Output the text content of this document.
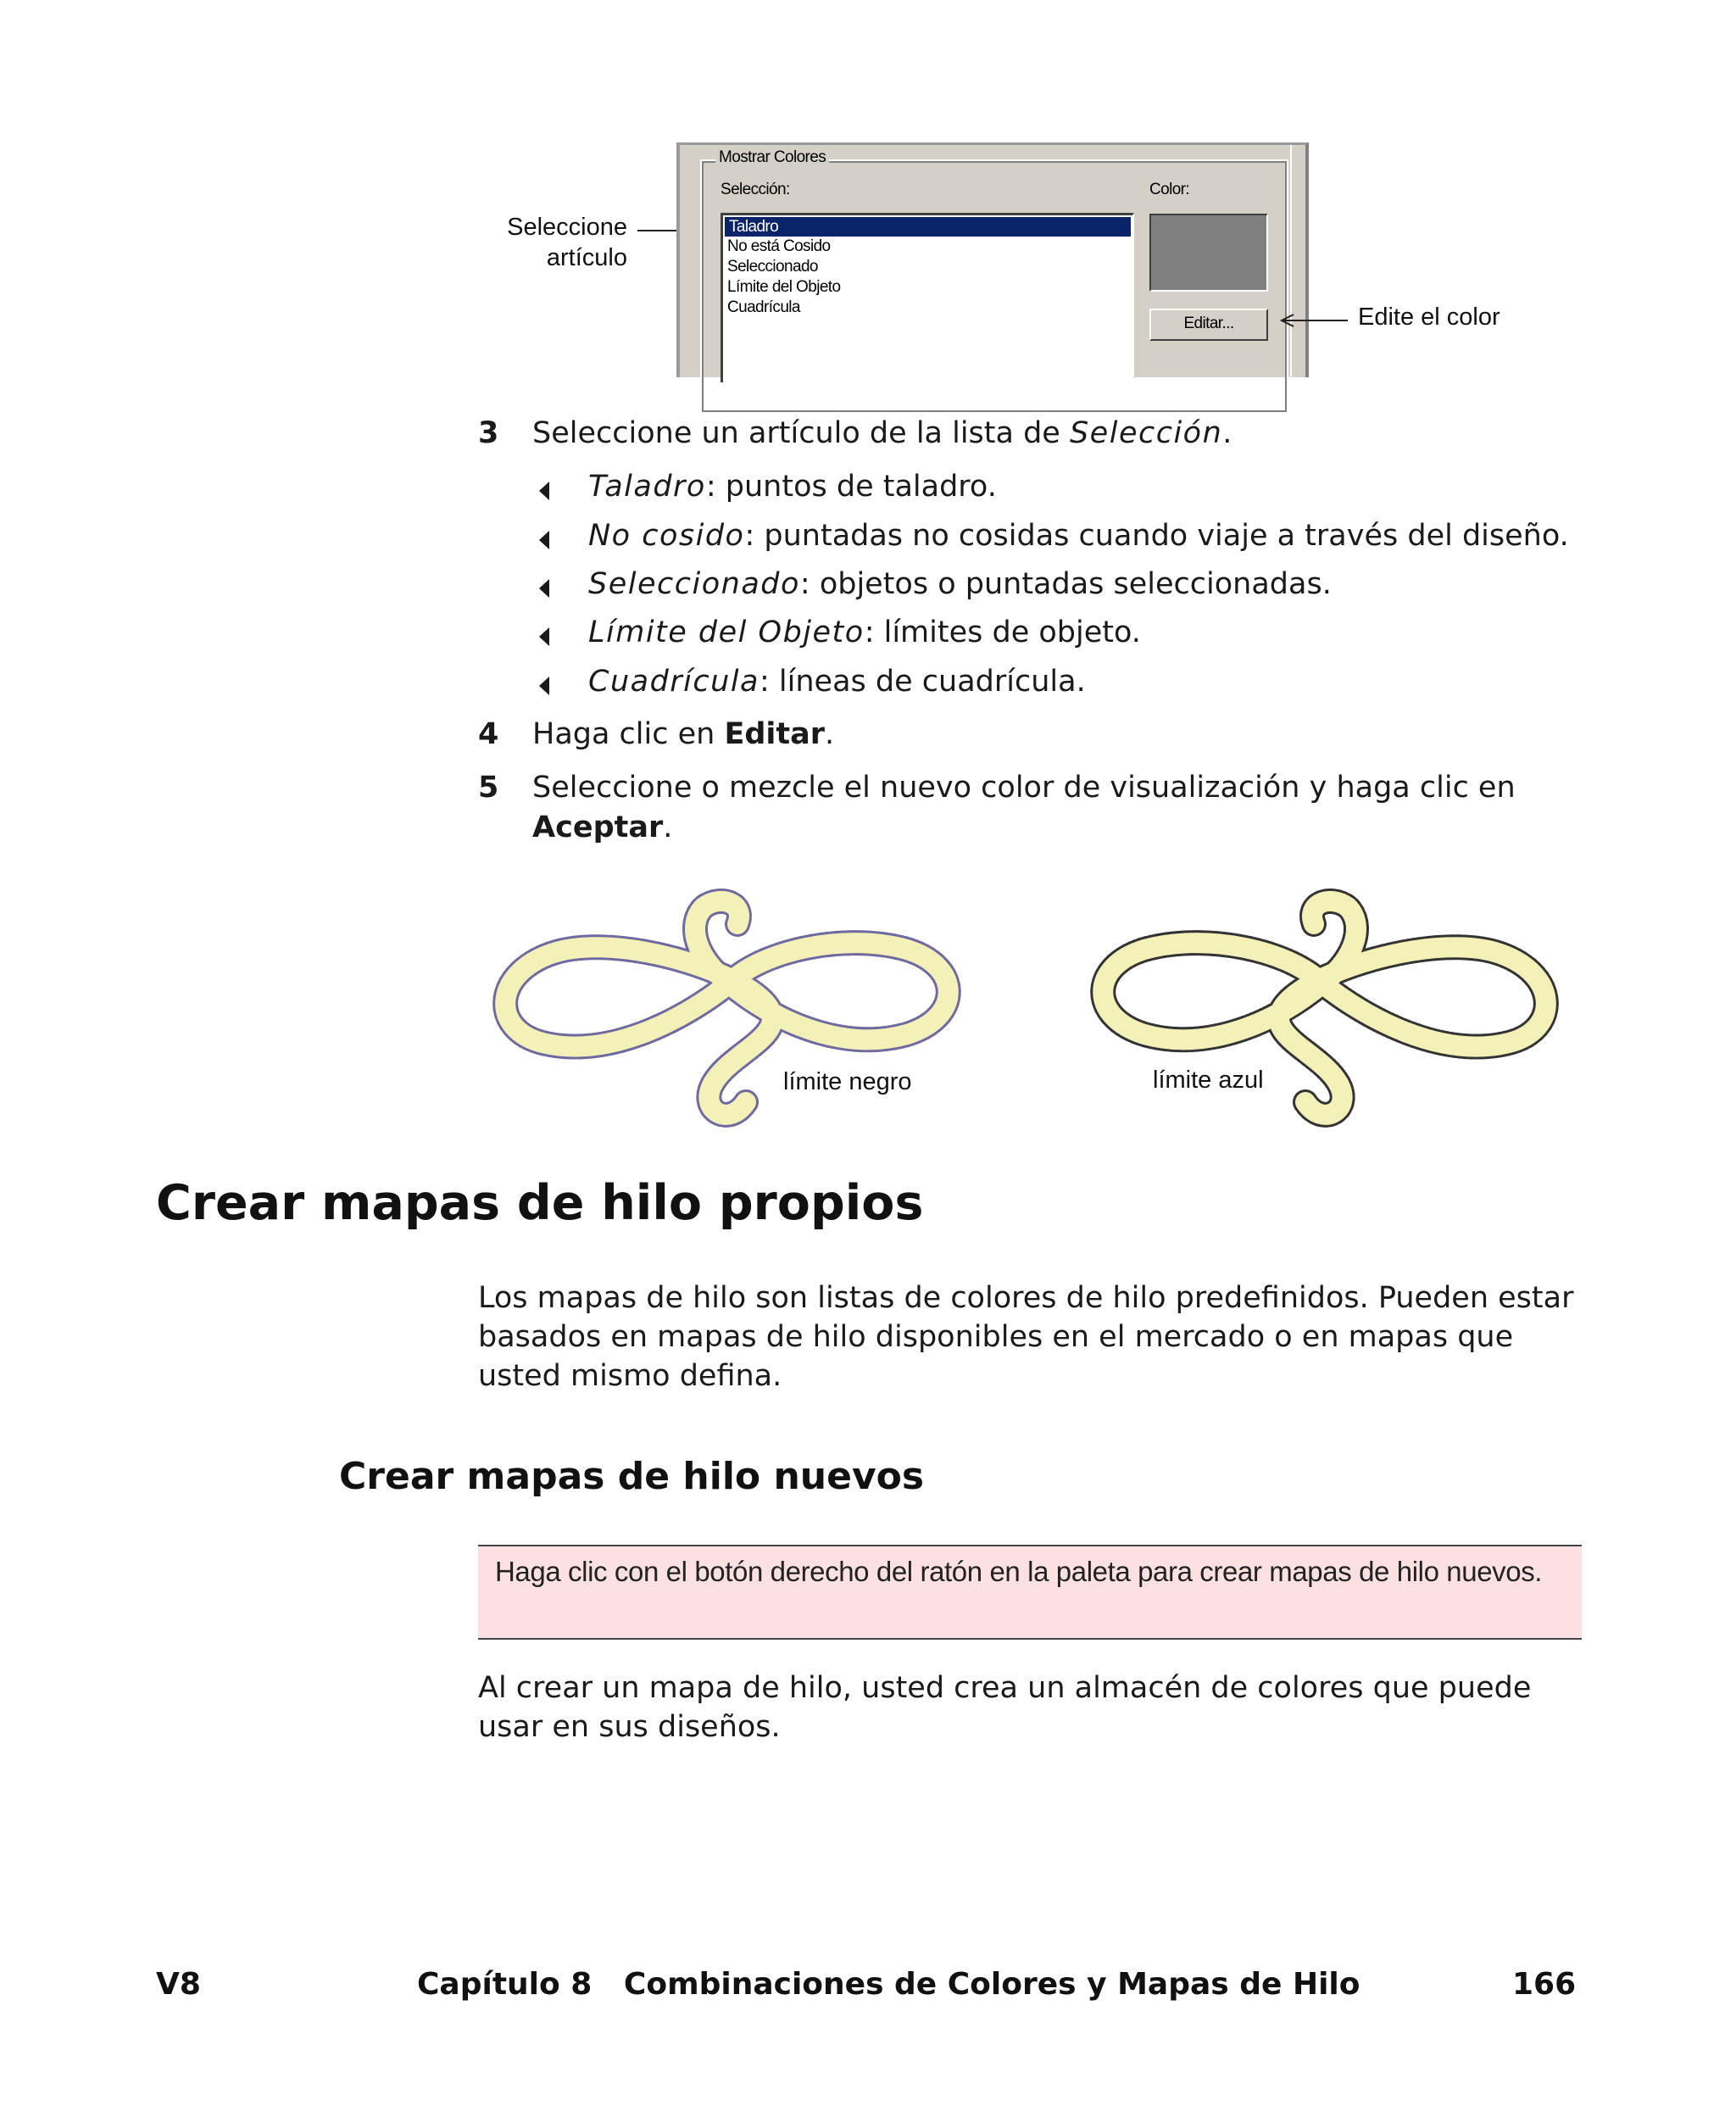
Seleccione
artículo
Mostrar Colores
Selección:	Color:
Taladro
No está Cosido
Seleccionado
Límite del Objeto
Cuadrícula
Editar...	Edite el color
3 Seleccione un artículo de la lista de Selección.
Taladro: puntos de taladro.
No cosido: puntadas no cosidas cuando viaje a través del diseño.
Seleccionado: objetos o puntadas seleccionadas.
Límite del Objeto: límites de objeto.
Cuadrícula: líneas de cuadrícula.
4 Haga clic en Editar.
5 Seleccione o mezcle el nuevo color de visualización y haga clic en
Aceptar.
límite negro	límite azul
Crear mapas de hilo propios

Los mapas de hilo son listas de colores de hilo predefinidos. Pueden estar basados en mapas de hilo disponibles en el mercado o en mapas que usted mismo defina.

Crear mapas de hilo nuevos
Haga clic con el botón derecho del ratón en la paleta para crear mapas de hilo nuevos.

Al crear un mapa de hilo, usted crea un almacén de colores que puede usar en sus diseños.

V8	Capítulo 8   Combinaciones de Colores y Mapas de Hilo	166
